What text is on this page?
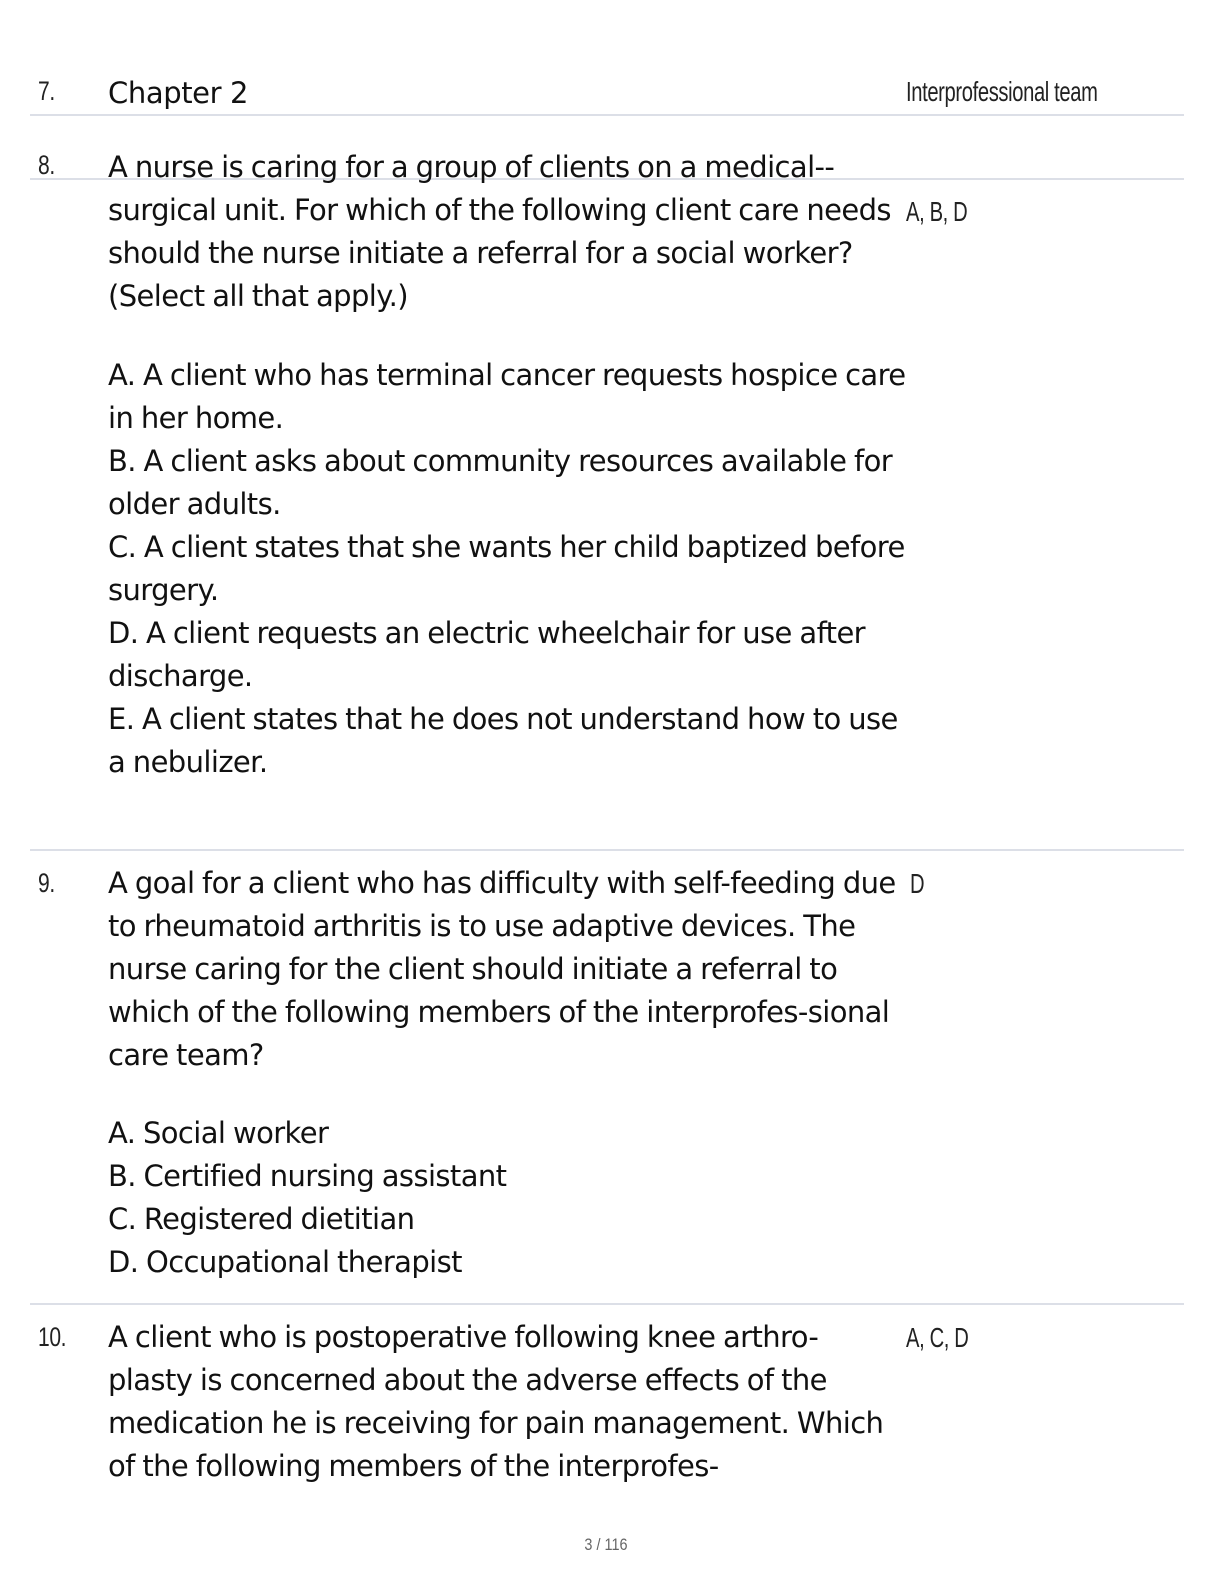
7. Chapter 2	Interprofessional team
8. A nurse is caring for a group of clients on a medical--surgical unit. For which of the following client care needs should the nurse initiate a referral for a social worker? (Select all that apply.)

A, B, D
A. A client who has terminal cancer requests hospice care in her home.
B. A client asks about community resources available for older adults.
C. A client states that she wants her child baptized before surgery.
D. A client requests an electric wheelchair for use after discharge.
E. A client states that he does not understand how to use a nebulizer.
9. A goal for a client who has difficulty with self-feeding due to rheumatoid arthritis is to use adaptive devices. The nurse caring for the client should initiate a referral to which of the following members of the interprofes-sional care team?

D
A. Social worker
B. Certified nursing assistant
C. Registered dietitian
D. Occupational therapist
10. A client who is postoperative following knee arthro-plasty is concerned about the adverse effects of the medication he is receiving for pain management. Which of the following members of the interprofes-

A, C, D
3 / 116
